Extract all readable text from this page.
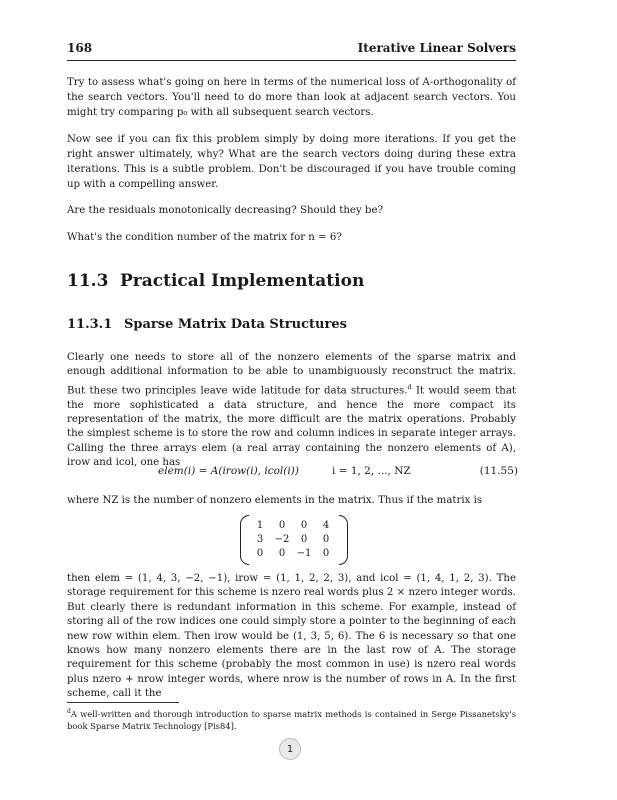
168	Iterative Linear Solvers

Try to assess what's going on here in terms of the numerical loss of A-orthogonality of the search vectors. You'll need to do more than look at adjacent search vectors. You might try comparing p₀ with all subsequent search vectors.

Now see if you can fix this problem simply by doing more iterations. If you get the right answer ultimately, why? What are the search vectors doing during these extra iterations. This is a subtle problem. Don't be discouraged if you have trouble coming up with a compelling answer.

Are the residuals monotonically decreasing? Should they be?

What's the condition number of the matrix for n = 6?

11.3 Practical Implementation
11.3.1 Sparse Matrix Data Structures
Clearly one needs to store all of the nonzero elements of the sparse matrix and enough additional information to be able to unambiguously reconstruct the matrix. But these two principles leave wide latitude for data structures.$^d$ It would seem that the more sophisticated a data structure, and hence the more compact its representation of the matrix, the more difficult are the matrix operations. Probably the simplest scheme is to store the row and column indices in separate integer arrays. Calling the three arrays elem (a real array containing the nonzero elements of A), irow and icol, one has
elem(i) = A(irow(i), icol(i))	i = 1, 2, ..., NZ	(11.55)
where NZ is the number of nonzero elements in the matrix. Thus if the matrix is
1	0	0	4
3	−2	0	0
0	0	−1	0
then elem = (1, 4, 3, −2, −1), irow = (1, 1, 2, 2, 3), and icol = (1, 4, 1, 2, 3). The storage requirement for this scheme is nzero real words plus 2 × nzero integer words. But clearly there is redundant information in this scheme. For example, instead of storing all of the row indices one could simply store a pointer to the beginning of each new row within elem. Then irow would be (1, 3, 5, 6). The 6 is necessary so that one knows how many nonzero elements there are in the last row of A. The storage requirement for this scheme (probably the most common in use) is nzero real words plus nzero + nrow integer words, where nrow is the number of rows in A. In the first scheme, call it the
$^d$A well-written and thorough introduction to sparse matrix methods is contained in Serge Pissanetsky's book Sparse Matrix Technology [Pis84].
1
